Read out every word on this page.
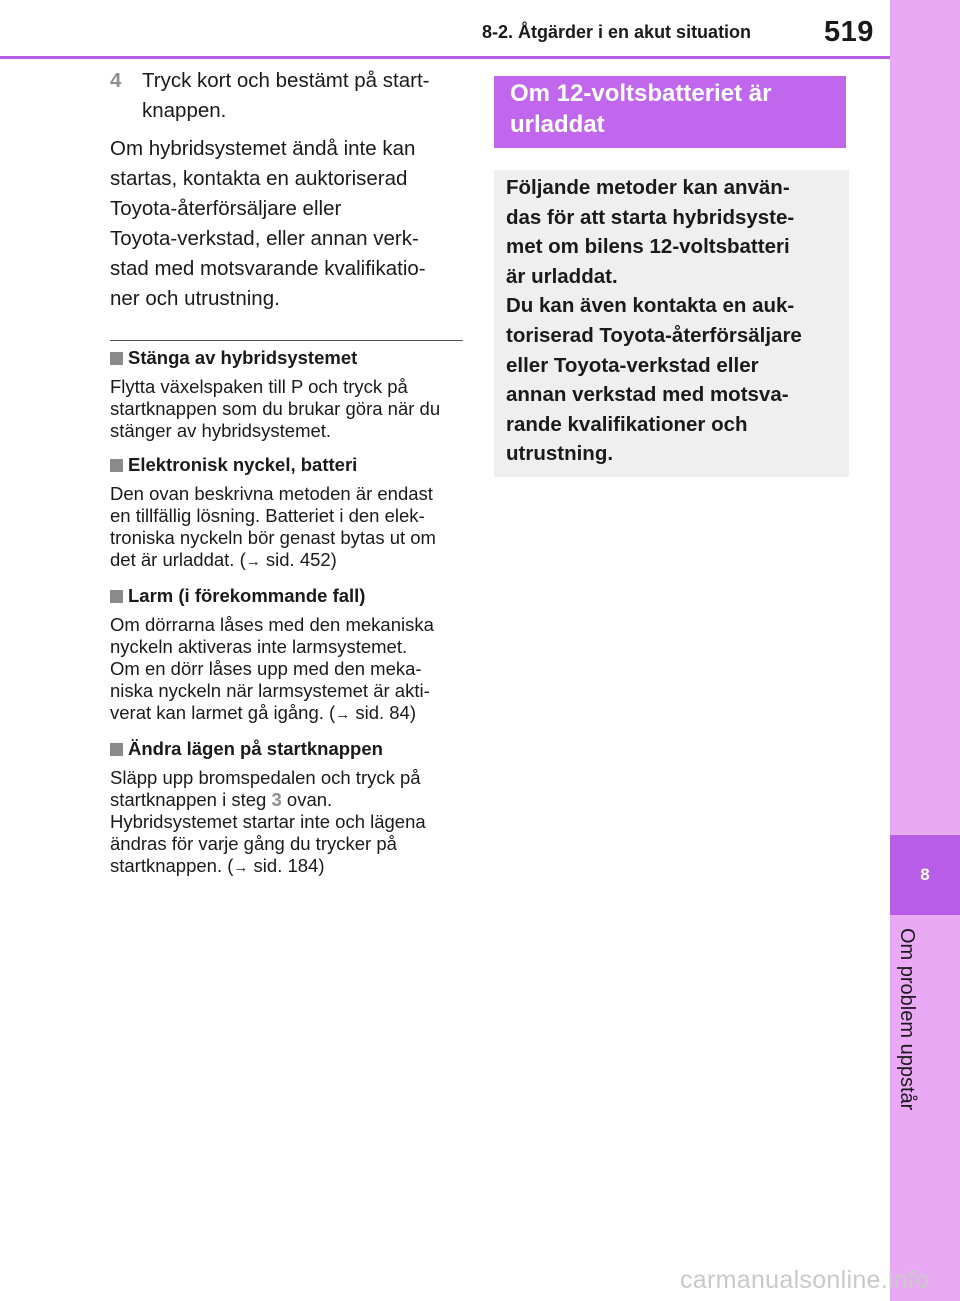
8
Om problem uppstår
8-2. Åtgärder i en akut situation	519
4 Tryck kort och bestämt på start-
knappen.

Om hybridsystemet ändå inte kan
startas, kontakta en auktoriserad
Toyota-återförsäljare eller
Toyota-verkstad, eller annan verk-
stad med motsvarande kvalifikatio-
ner och utrustning.

Stänga av hybridsystemet
Flytta växelspaken till P och tryck på
startknappen som du brukar göra när du
stänger av hybridsystemet.
Elektronisk nyckel, batteri
Den ovan beskrivna metoden är endast
en tillfällig lösning. Batteriet i den elek-
troniska nyckeln bör genast bytas ut om
det är urladdat. (→ sid. 452)
Larm (i förekommande fall)
Om dörrarna låses med den mekaniska
nyckeln aktiveras inte larmsystemet.
Om en dörr låses upp med den meka-
niska nyckeln när larmsystemet är akti-
verat kan larmet gå igång. (→ sid. 84)
Ändra lägen på startknappen
Släpp upp bromspedalen och tryck på
startknappen i steg 3 ovan.
Hybridsystemet startar inte och lägena
ändras för varje gång du trycker på
startknappen. (→ sid. 184)
Om 12-voltsbatteriet är
urladdat

Följande metoder kan använ-
das för att starta hybridsyste-
met om bilens 12-voltsbatteri
är urladdat.
Du kan även kontakta en auk-
toriserad Toyota-återförsäljare
eller Toyota-verkstad eller
annan verkstad med motsva-
rande kvalifikationer och
utrustning.

carmanualsonline.info
